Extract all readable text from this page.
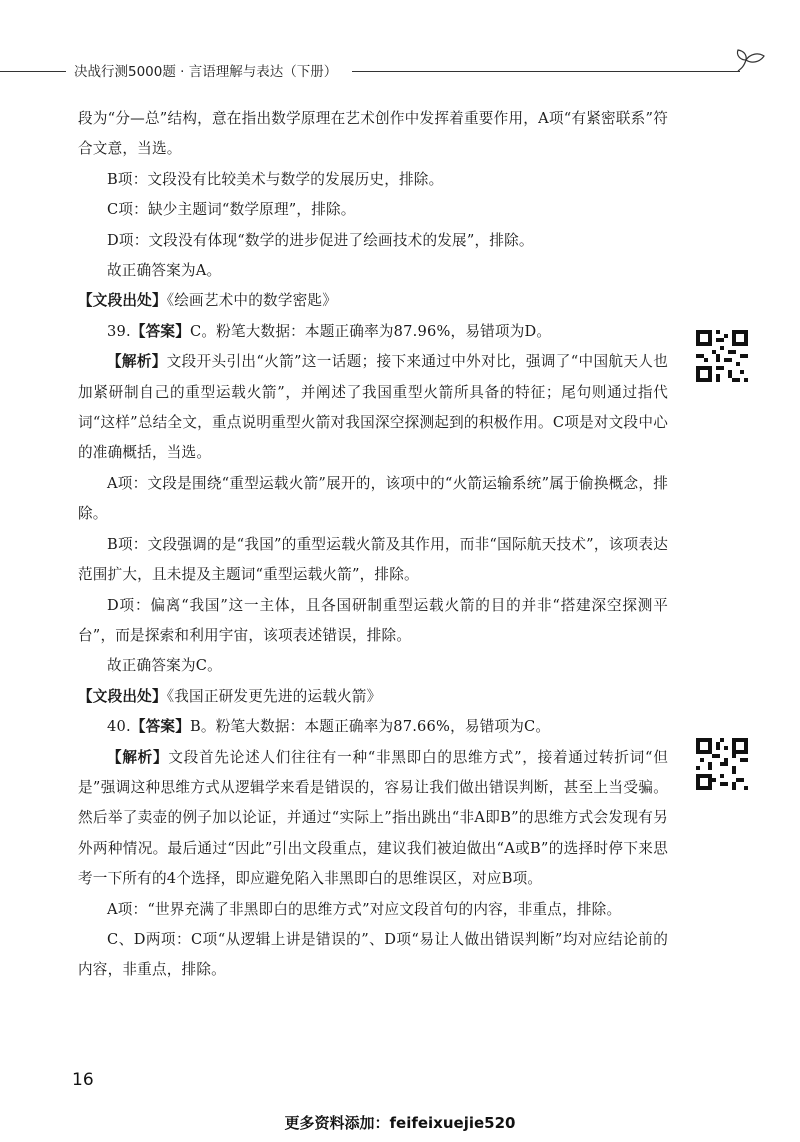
决战行测5000题 · 言语理解与表达（下册）

段为“分—总”结构，意在指出数学原理在艺术创作中发挥着重要作用，A项“有紧密联系”符合文意，当选。

B项：文段没有比较美术与数学的发展历史，排除。

C项：缺少主题词“数学原理”，排除。

D项：文段没有体现“数学的进步促进了绘画技术的发展”，排除。

故正确答案为A。

【文段出处】《绘画艺术中的数学密匙》

39.【答案】C。粉笔大数据：本题正确率为87.96%，易错项为D。

【解析】文段开头引出“火箭”这一话题；接下来通过中外对比，强调了“中国航天人也加紧研制自己的重型运载火箭”，并阐述了我国重型火箭所具备的特征；尾句则通过指代词“这样”总结全文，重点说明重型火箭对我国深空探测起到的积极作用。C项是对文段中心的准确概括，当选。

A项：文段是围绕“重型运载火箭”展开的，该项中的“火箭运输系统”属于偷换概念，排除。

B项：文段强调的是“我国”的重型运载火箭及其作用，而非“国际航天技术”，该项表达范围扩大，且未提及主题词“重型运载火箭”，排除。

D项：偏离“我国”这一主体，且各国研制重型运载火箭的目的并非“搭建深空探测平台”，而是探索和利用宇宙，该项表述错误，排除。

故正确答案为C。

【文段出处】《我国正研发更先进的运载火箭》

40.【答案】B。粉笔大数据：本题正确率为87.66%，易错项为C。

【解析】文段首先论述人们往往有一种“非黑即白的思维方式”，接着通过转折词“但是”强调这种思维方式从逻辑学来看是错误的，容易让我们做出错误判断，甚至上当受骗。然后举了卖壶的例子加以论证，并通过“实际上”指出跳出“非A即B”的思维方式会发现有另外两种情况。最后通过“因此”引出文段重点，建议我们被迫做出“A或B”的选择时停下来思考一下所有的4个选择，即应避免陷入非黑即白的思维误区，对应B项。

A项：“世界充满了非黑即白的思维方式”对应文段首句的内容，非重点，排除。

C、D两项：C项“从逻辑上讲是错误的”、D项“易让人做出错误判断”均对应结论前的内容，非重点，排除。

16
更多资料添加：feifeixuejie520
